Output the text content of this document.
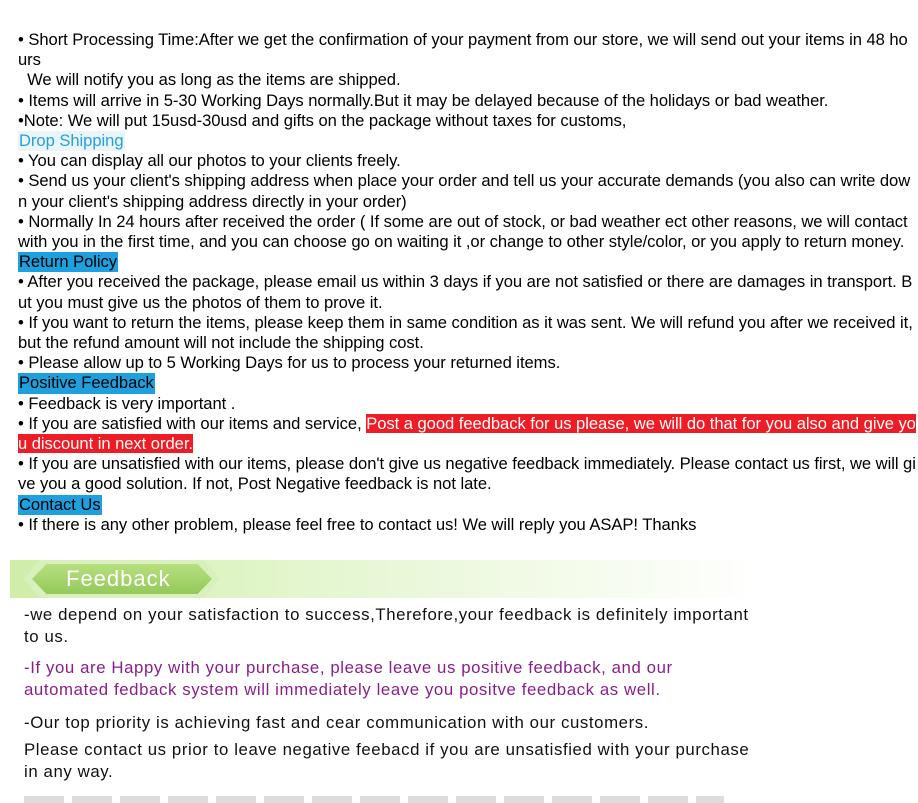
• Short Processing Time:After we get the confirmation of your payment from our store, we will send out your items in 48 hours

We will notify you as long as the items are shipped.

• Items will arrive in 5-30 Working Days normally.But it may be delayed because of the holidays or bad weather.

•Note: We will put 15usd-30usd and gifts on the package without taxes for customs,

Drop Shipping

• You can display all our photos to your clients freely.

• Send us your client's shipping address when place your order and tell us your accurate demands (you also can write down your client's shipping address directly in your order)

• Normally In 24 hours after received the order ( If some are out of stock, or bad weather ect other reasons, we will contact with you in the first time, and you can choose go on waiting it ,or change to other style/color, or you apply to return money.

Return Policy

• After you received the package, please email us within 3 days if you are not satisfied or there are damages in transport. But you must give us the photos of them to prove it.

• If you want to return the items, please keep them in same condition as it was sent. We will refund you after we received it, but the refund amount will not include the shipping cost.

• Please allow up to 5 Working Days for us to process your returned items.

Positive Feedback

• Feedback is very important .

• If you are satisfied with our items and service, Post a good feedback for us please, we will do that for you also and give you discount in next order.

• If you are unsatisfied with our items, please don't give us negative feedback immediately. Please contact us first, we will give you a good solution. If not, Post Negative feedback is not late.

Contact Us

• If there is any other problem, please feel free to contact us! We will reply you ASAP! Thanks

Feedback

-we depend on your satisfaction to success,Therefore,your feedback is definitely important to us.

-If you are Happy with your purchase, please leave us positive feedback, and our automated fedback system will immediately leave you positve feedback as well.

-Our top priority is achieving fast and cear communication with our customers.

Please contact us prior to leave negative feebacd if you are unsatisfied with your purchase in any way.
